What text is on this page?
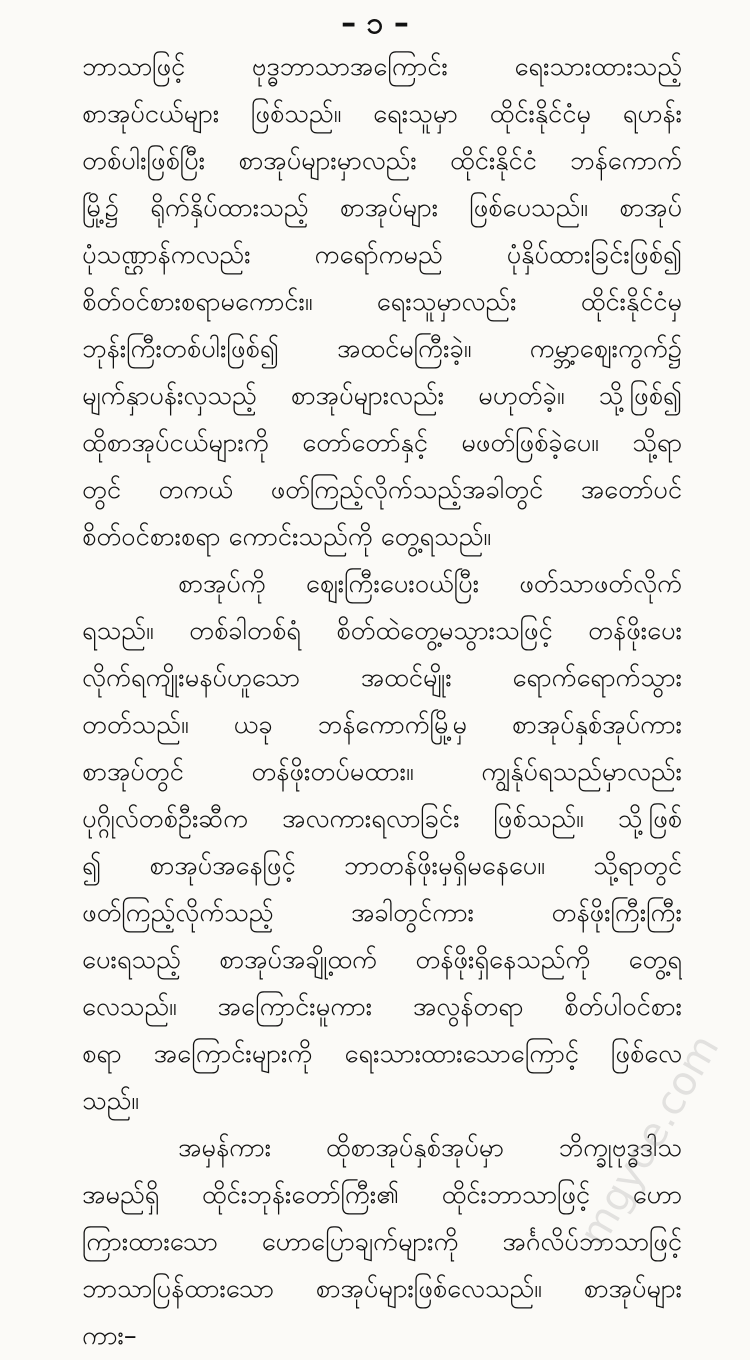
– ၁ –
ဘာသာဖြင့် ဗုဒ္ဓဘာသာအကြောင်း ရေးသားထားသည့်
စာအုပ်ငယ်များ ဖြစ်သည်။ ရေးသူမှာ ထိုင်းနိုင်ငံမှ ရဟန်း
တစ်ပါးဖြစ်ပြီး စာအုပ်များမှာလည်း ထိုင်းနိုင်ငံ ဘန်ကောက်
မြို့၌ ရိုက်နှိပ်ထားသည့် စာအုပ်များ ဖြစ်ပေသည်။ စာအုပ်
ပုံသဏ္ဌာန်ကလည်း ကရော်ကမည် ပုံနှိပ်ထားခြင်းဖြစ်၍
စိတ်ဝင်စားစရာမကောင်း။ ရေးသူမှာလည်း ထိုင်းနိုင်ငံမှ
ဘုန်းကြီးတစ်ပါးဖြစ်၍ အထင်မကြီးခဲ့။ ကမ္ဘာ့ဈေးကွက်၌
မျက်နှာပန်းလှသည့် စာအုပ်များလည်း မဟုတ်ခဲ့။ သို့ဖြစ်၍
ထိုစာအုပ်ငယ်များကို တော်တော်နှင့် မဖတ်ဖြစ်ခဲ့ပေ။ သို့ရာ
တွင် တကယ် ဖတ်ကြည့်လိုက်သည့်အခါတွင် အတော်ပင်
စိတ်ဝင်စားစရာ ကောင်းသည်ကို တွေ့ရသည်။
စာအုပ်ကို ဈေးကြီးပေးဝယ်ပြီး ဖတ်သာဖတ်လိုက်
ရသည်။ တစ်ခါတစ်ရံ စိတ်ထဲတွေ့မသွားသဖြင့် တန်ဖိုးပေး
လိုက်ရကျိုးမနပ်ဟူသော အထင်မျိုး ရောက်ရောက်သွား
တတ်သည်။ ယခု ဘန်ကောက်မြို့မှ စာအုပ်နှစ်အုပ်ကား
စာအုပ်တွင် တန်ဖိုးတပ်မထား။ ကျွန်ုပ်ရသည်မှာလည်း
ပုဂ္ဂိုလ်တစ်ဦးဆီက အလကားရလာခြင်း ဖြစ်သည်။ သို့ဖြစ်
၍ စာအုပ်အနေဖြင့် ဘာတန်ဖိုးမှရှိမနေပေ။ သို့ရာတွင်
ဖတ်ကြည့်လိုက်သည့် အခါတွင်ကား တန်ဖိုးကြီးကြီး
ပေးရသည့် စာအုပ်အချို့ထက် တန်ဖိုးရှိနေသည်ကို တွေ့ရ
လေသည်။ အကြောင်းမူကား အလွန်တရာ စိတ်ပါဝင်စား
စရာ အကြောင်းများကို ရေးသားထားသောကြောင့် ဖြစ်လေ
သည်။
အမှန်ကား ထိုစာအုပ်နှစ်အုပ်မှာ ဘိက္ခုဗုဒ္ဓဒါသ
အမည်ရှိ ထိုင်းဘုန်းတော်ကြီး၏ ထိုင်းဘာသာဖြင့် ဟော
ကြားထားသော ဟောပြောချက်များကို အင်္ဂလိပ်ဘာသာဖြင့်
ဘာသာပြန်ထားသော စာအုပ်များဖြစ်လေသည်။ စာအုပ်များ
ကား–
mgyoe.com
